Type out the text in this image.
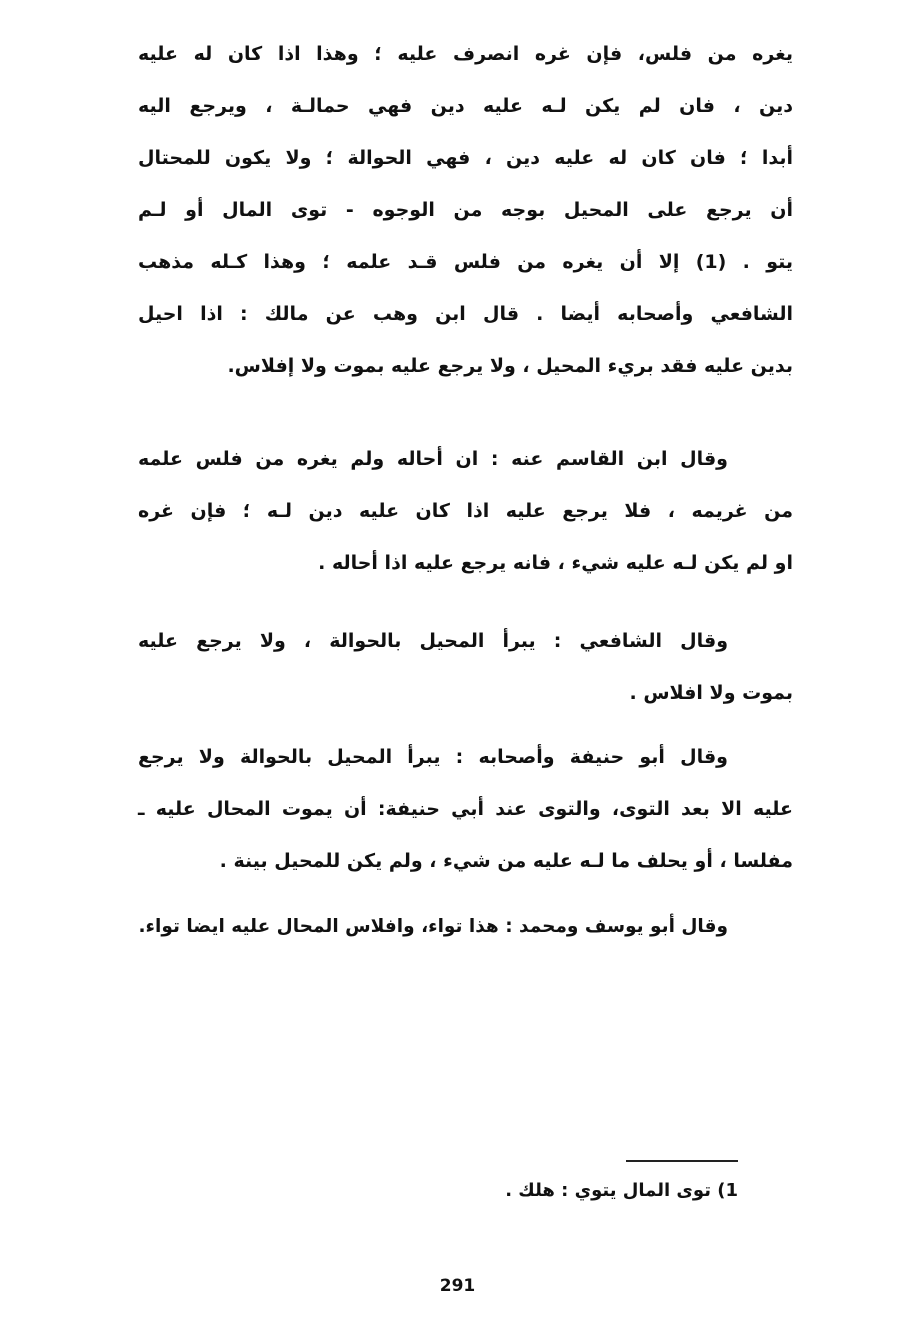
يغره من فلس، فإن غره انصرف عليه ؛ وهذا اذا كان له عليه
دين ، فان لم يكن لـه عليه دين فهي حمالـة ، ويرجع اليه
أبدا ؛ فان كان له عليه دين ، فهي الحوالة ؛ ولا يكون للمحتال
أن يرجع على المحيل بوجه من الوجوه - توى المال أو لـم
يتو . (1) إلا أن يغره من فلس قـد علمه ؛ وهذا كـله مذهب
الشافعي وأصحابه أيضا . قال ابن وهب عن مالك : اذا احيل
بدين عليه فقد بريء المحيل ، ولا يرجع عليه بموت ولا إفلاس.
وقال ابن القاسم عنه : ان أحاله ولم يغره من فلس علمه
من غريمه ، فلا يرجع عليه اذا كان عليه دين لـه ؛ فإن غره
او لم يكن لـه عليه شيء ، فانه يرجع عليه اذا أحاله .
وقال الشافعي : يبرأ المحيل بالحوالة ، ولا يرجع عليه
بموت ولا افلاس .
وقال أبو حنيفة وأصحابه : يبرأ المحيل بالحوالة ولا يرجع
عليه الا بعد التوى، والتوى عند أبي حنيفة: أن يموت المحال عليه ـ
مفلسا ، أو يحلف ما لـه عليه من شيء ، ولم يكن للمحيل بينة .
وقال أبو يوسف ومحمد : هذا تواء، وافلاس المحال عليه ايضا تواء.
1) توى المال يتوي : هلك .
291
